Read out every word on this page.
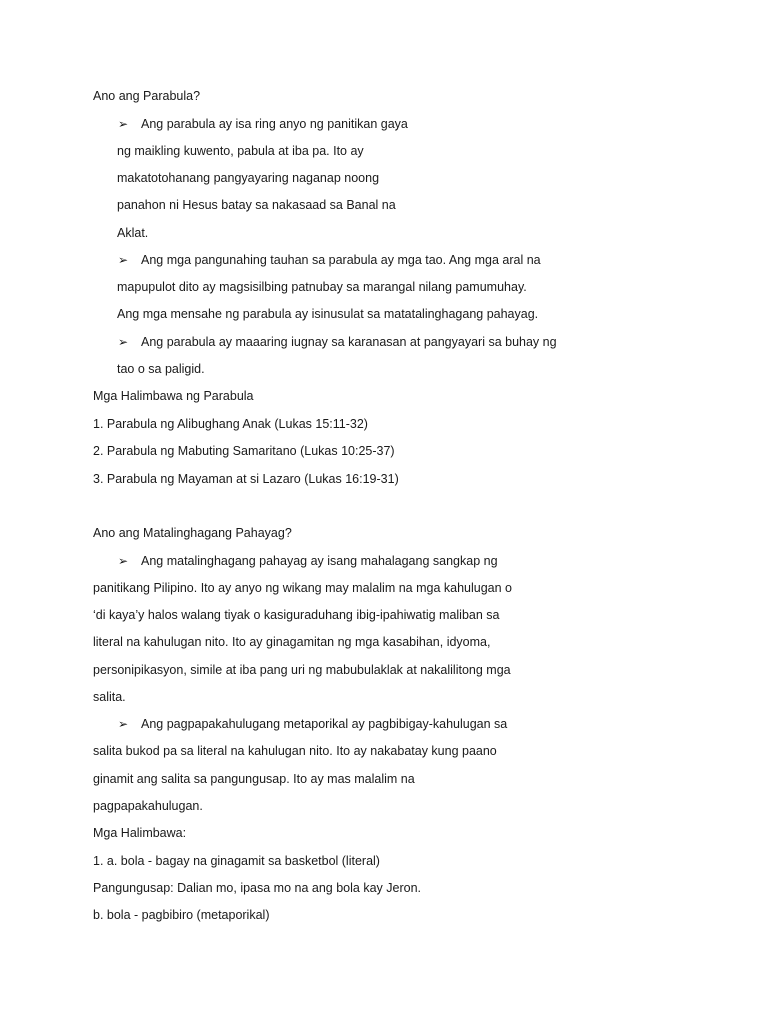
Ano ang Parabula?
➢ Ang parabula ay isa ring anyo ng panitikan gaya
ng maikling kuwento, pabula at iba pa. Ito ay
makatotohanang pangyayaring naganap noong
panahon ni Hesus batay sa nakasaad sa Banal na
Aklat.
➢ Ang mga pangunahing tauhan sa parabula ay mga tao. Ang mga aral na
mapupulot dito ay magsisilbing patnubay sa marangal nilang pamumuhay.
Ang mga mensahe ng parabula ay isinusulat sa matatalinghagang pahayag.
➢ Ang parabula ay maaaring iugnay sa karanasan at pangyayari sa buhay ng
tao o sa paligid.
Mga Halimbawa ng Parabula
1. Parabula ng Alibughang Anak (Lukas 15:11-32)
2. Parabula ng Mabuting Samaritano (Lukas 10:25-37)
3. Parabula ng Mayaman at si Lazaro (Lukas 16:19-31)
Ano ang Matalinghagang Pahayag?
➢ Ang matalinghagang pahayag ay isang mahalagang sangkap ng
panitikang Pilipino. Ito ay anyo ng wikang may malalim na mga kahulugan o
‘di kaya’y halos walang tiyak o kasiguraduhang ibig-ipahiwatig maliban sa
literal na kahulugan nito. Ito ay ginagamitan ng mga kasabihan, idyoma,
personipikasyon, simile at iba pang uri ng mabubulaklak at nakalilitong mga
salita.
➢ Ang pagpapakahulugang metaporikal ay pagbibigay-kahulugan sa
salita bukod pa sa literal na kahulugan nito. Ito ay nakabatay kung paano
ginamit ang salita sa pangungusap. Ito ay mas malalim na
pagpapakahulugan.
Mga Halimbawa:
1. a. bola - bagay na ginagamit sa basketbol (literal)
Pangungusap: Dalian mo, ipasa mo na ang bola kay Jeron.
b. bola - pagbibiro (metaporikal)
